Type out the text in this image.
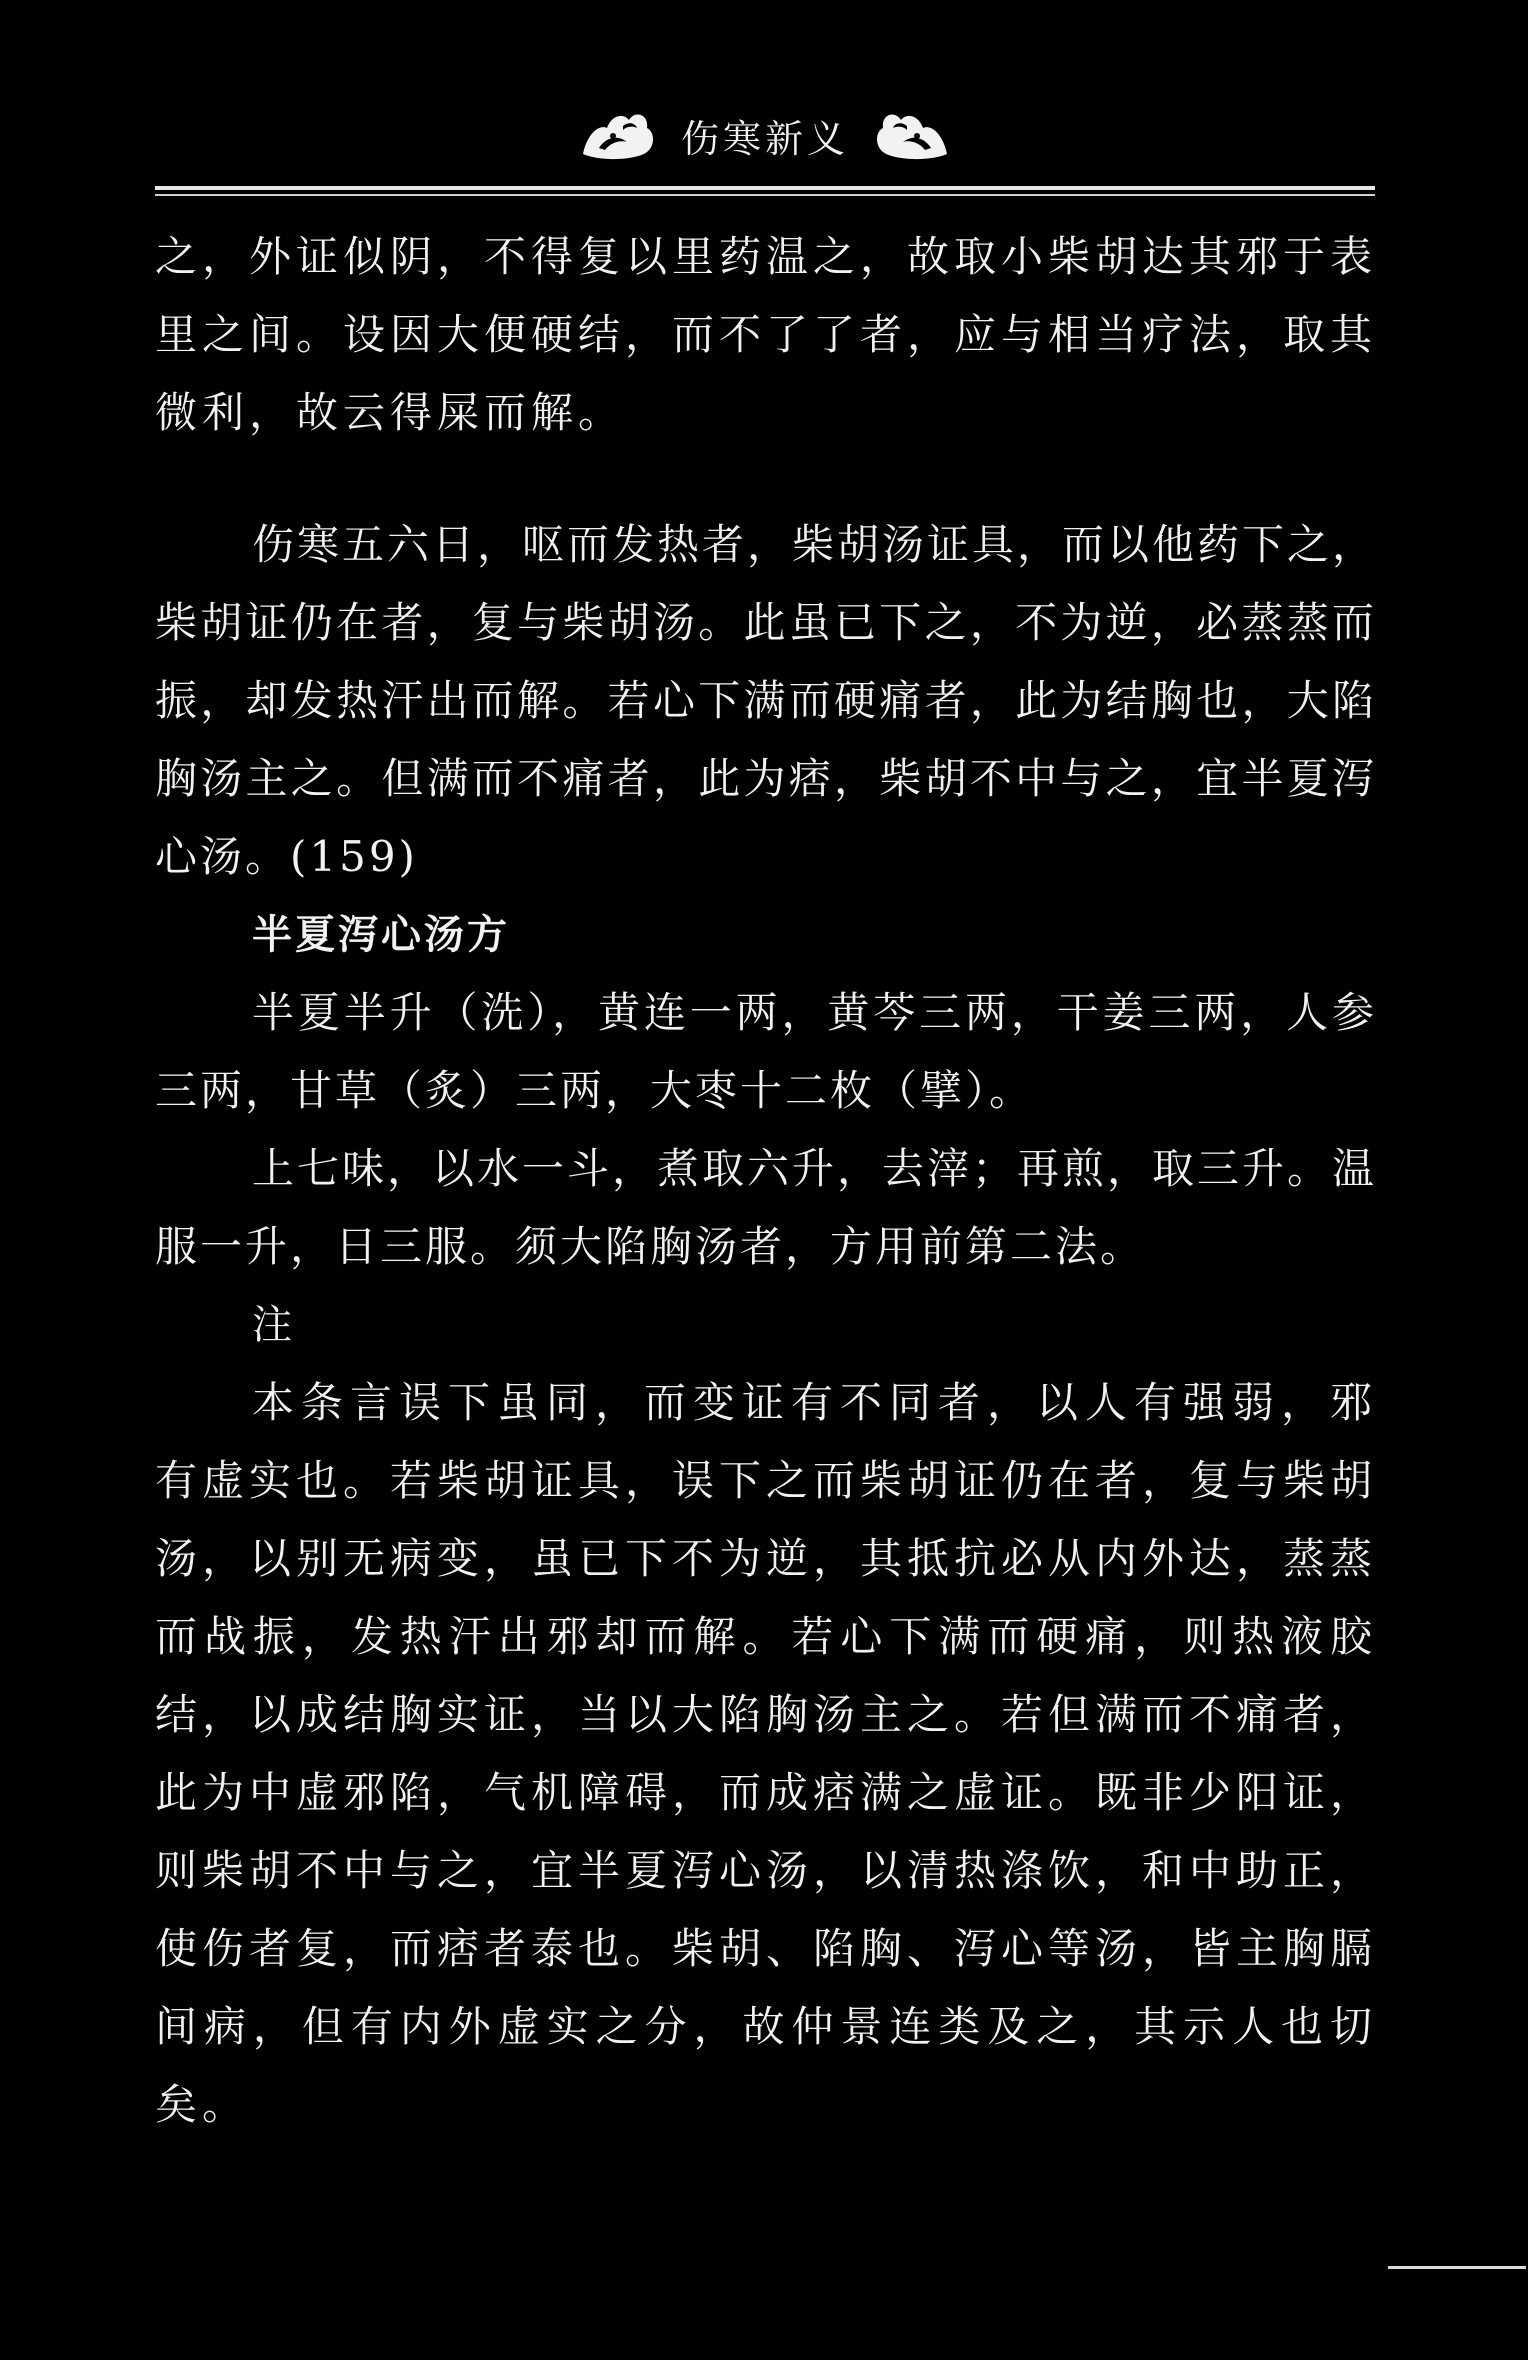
伤寒新义

之，外证似阴，不得复以里药温之，故取小柴胡达其邪于表里之间。设因大便硬结，而不了了者，应与相当疗法，取其微利，故云得屎而解。

伤寒五六日，呕而发热者，柴胡汤证具，而以他药下之，柴胡证仍在者，复与柴胡汤。此虽已下之，不为逆，必蒸蒸而振，却发热汗出而解。若心下满而硬痛者，此为结胸也，大陷胸汤主之。但满而不痛者，此为痞，柴胡不中与之，宜半夏泻心汤。(159)

半夏泻心汤方

半夏半升（洗），黄连一两，黄芩三两，干姜三两，人参三两，甘草（炙）三两，大枣十二枚（擘）。

上七味，以水一斗，煮取六升，去滓；再煎，取三升。温服一升，日三服。须大陷胸汤者，方用前第二法。

注

本条言误下虽同，而变证有不同者，以人有强弱，邪有虚实也。若柴胡证具，误下之而柴胡证仍在者，复与柴胡汤，以别无病变，虽已下不为逆，其抵抗必从内外达，蒸蒸而战振，发热汗出邪却而解。若心下满而硬痛，则热液胶结，以成结胸实证，当以大陷胸汤主之。若但满而不痛者，此为中虚邪陷，气机障碍，而成痞满之虚证。既非少阳证，则柴胡不中与之，宜半夏泻心汤，以清热涤饮，和中助正，使伤者复，而痞者泰也。柴胡、陷胸、泻心等汤，皆主胸膈间病，但有内外虚实之分，故仲景连类及之，其示人也切矣。
